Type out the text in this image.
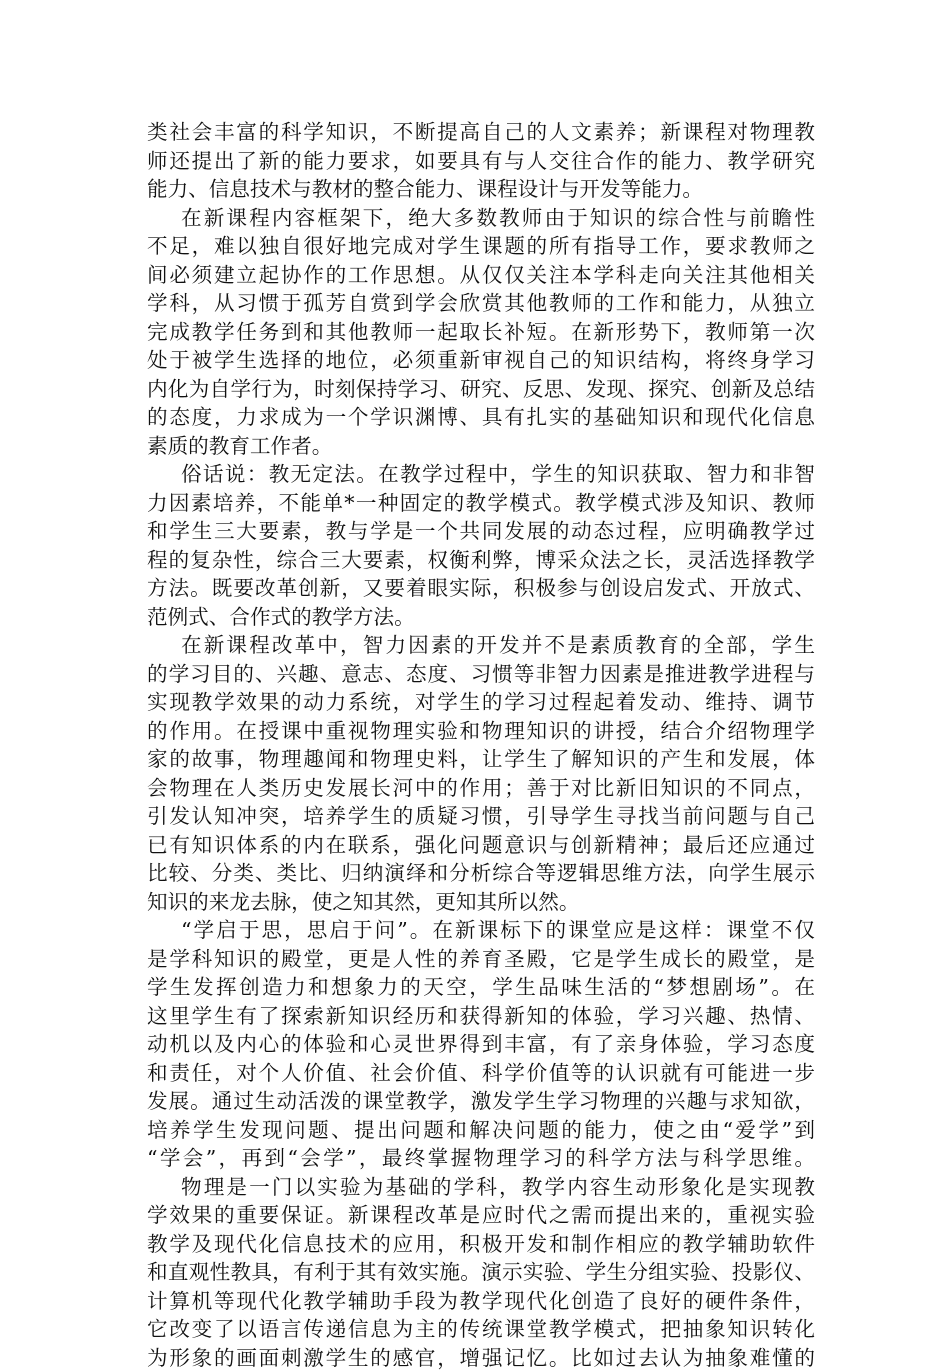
类社会丰富的科学知识，不断提高自己的人文素养；新课程对物理教
师还提出了新的能力要求，如要具有与人交往合作的能力、教学研究
能力、信息技术与教材的整合能力、课程设计与开发等能力。
在新课程内容框架下，绝大多数教师由于知识的综合性与前瞻性
不足，难以独自很好地完成对学生课题的所有指导工作，要求教师之
间必须建立起协作的工作思想。从仅仅关注本学科走向关注其他相关
学科，从习惯于孤芳自赏到学会欣赏其他教师的工作和能力，从独立
完成教学任务到和其他教师一起取长补短。在新形势下，教师第一次
处于被学生选择的地位，必须重新审视自己的知识结构，将终身学习
内化为自学行为，时刻保持学习、研究、反思、发现、探究、创新及总结
的态度，力求成为一个学识渊博、具有扎实的基础知识和现代化信息
素质的教育工作者。
俗话说：教无定法。在教学过程中，学生的知识获取、智力和非智
力因素培养，不能单*一种固定的教学模式。教学模式涉及知识、教师
和学生三大要素，教与学是一个共同发展的动态过程，应明确教学过
程的复杂性，综合三大要素，权衡利弊，博采众法之长，灵活选择教学
方法。既要改革创新，又要着眼实际，积极参与创设启发式、开放式、
范例式、合作式的教学方法。
在新课程改革中，智力因素的开发并不是素质教育的全部，学生
的学习目的、兴趣、意志、态度、习惯等非智力因素是推进教学进程与
实现教学效果的动力系统，对学生的学习过程起着发动、维持、调节
的作用。在授课中重视物理实验和物理知识的讲授，结合介绍物理学
家的故事，物理趣闻和物理史料，让学生了解知识的产生和发展，体
会物理在人类历史发展长河中的作用；善于对比新旧知识的不同点，
引发认知冲突，培养学生的质疑习惯，引导学生寻找当前问题与自己
已有知识体系的内在联系，强化问题意识与创新精神；最后还应通过
比较、分类、类比、归纳演绎和分析综合等逻辑思维方法，向学生展示
知识的来龙去脉，使之知其然，更知其所以然。
“学启于思，思启于问”。在新课标下的课堂应是这样：课堂不仅
是学科知识的殿堂，更是人性的养育圣殿，它是学生成长的殿堂，是
学生发挥创造力和想象力的天空，学生品味生活的“梦想剧场”。在
这里学生有了探索新知识经历和获得新知的体验，学习兴趣、热情、
动机以及内心的体验和心灵世界得到丰富，有了亲身体验，学习态度
和责任，对个人价值、社会价值、科学价值等的认识就有可能进一步
发展。通过生动活泼的课堂教学，激发学生学习物理的兴趣与求知欲，
培养学生发现问题、提出问题和解决问题的能力，使之由“爱学”到
“学会”，再到“会学”，最终掌握物理学习的科学方法与科学思维。
物理是一门以实验为基础的学科，教学内容生动形象化是实现教
学效果的重要保证。新课程改革是应时代之需而提出来的，重视实验
教学及现代化信息技术的应用，积极开发和制作相应的教学辅助软件
和直观性教具，有利于其有效实施。演示实验、学生分组实验、投影仪、
计算机等现代化教学辅助手段为教学现代化创造了良好的硬件条件，
它改变了以语言传递信息为主的传统课堂教学模式，把抽象知识转化
为形象的画面刺激学生的感官，增强记忆。比如过去认为抽象难懂的
